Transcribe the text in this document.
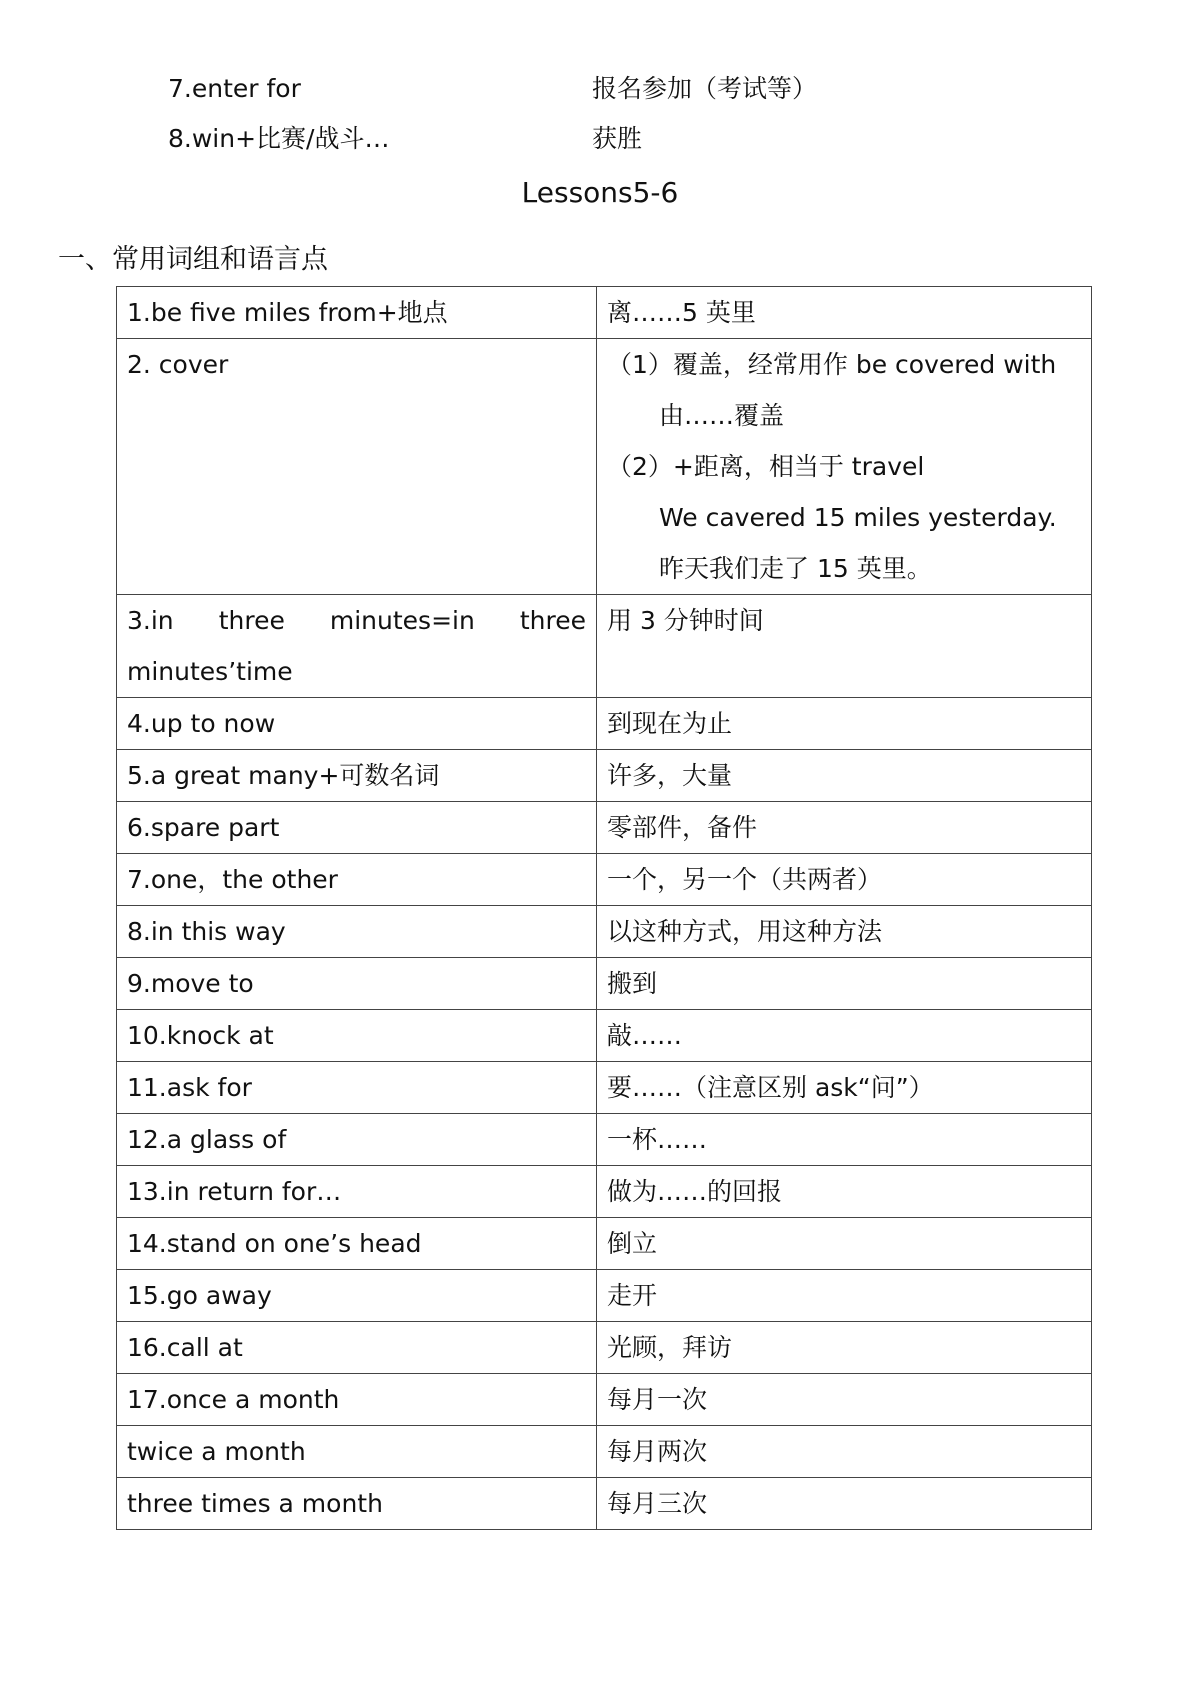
7.enter for	报名参加（考试等）
8.win+比赛/战斗…	获胜
Lessons5-6
一、常用词组和语言点
1.be five miles from+地点	离……5 英里
2. cover	（1）覆盖，经常用作 be covered with
由……覆盖
（2）+距离，相当于 travel
We cavered 15 miles yesterday.
昨天我们走了 15 英里。

3.in three minutes=in three minutes’time	用 3 分钟时间
4.up to now	到现在为止
5.a great many+可数名词	许多，大量
6.spare part	零部件，备件
7.one，the other	一个，另一个（共两者）
8.in this way	以这种方式，用这种方法
9.move to	搬到
10.knock at	敲……
11.ask for	要……（注意区别 ask“问”）
12.a glass of	一杯……
13.in return for…	做为……的回报
14.stand on one’s head	倒立
15.go away	走开
16.call at	光顾，拜访
17.once a month	每月一次
twice a month	每月两次
three times a month	每月三次
